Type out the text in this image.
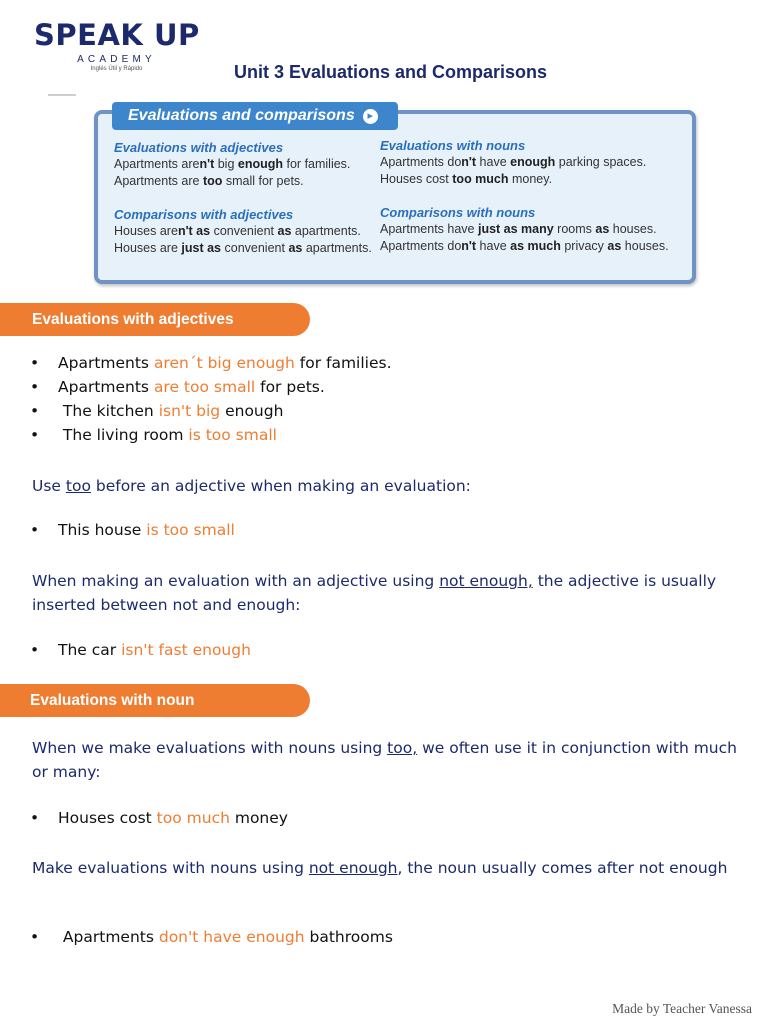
SPEAK UP
ACADEMY
Inglés Útil y Rápido	Unit 3 Evaluations and Comparisons
Evaluations and comparisons ▸
Evaluations with adjectives
Apartments aren't big enough for families.
Apartments are too small for pets.
Comparisons with adjectives
Houses aren't as convenient as apartments.
Houses are just as convenient as apartments.
Evaluations with nouns
Apartments don't have enough parking spaces.
Houses cost too much money.
Comparisons with nouns
Apartments have just as many rooms as houses.
Apartments don't have as much privacy as houses.
Evaluations with adjectives
• Apartments aren´t big enough for families.
• Apartments are too small for pets.
• The kitchen isn't big enough
• The living room is too small
Use too before an adjective when making an evaluation:
• This house is too small
When making an evaluation with an adjective using not enough, the adjective is usually inserted between not and enough:
• The car isn't fast enough
Evaluations with noun
When we make evaluations with nouns using too, we often use it in conjunction with much or many:
• Houses cost too much money
Make evaluations with nouns using not enough, the noun usually comes after not enough
• Apartments don't have enough bathrooms
Made by Teacher Vanessa
